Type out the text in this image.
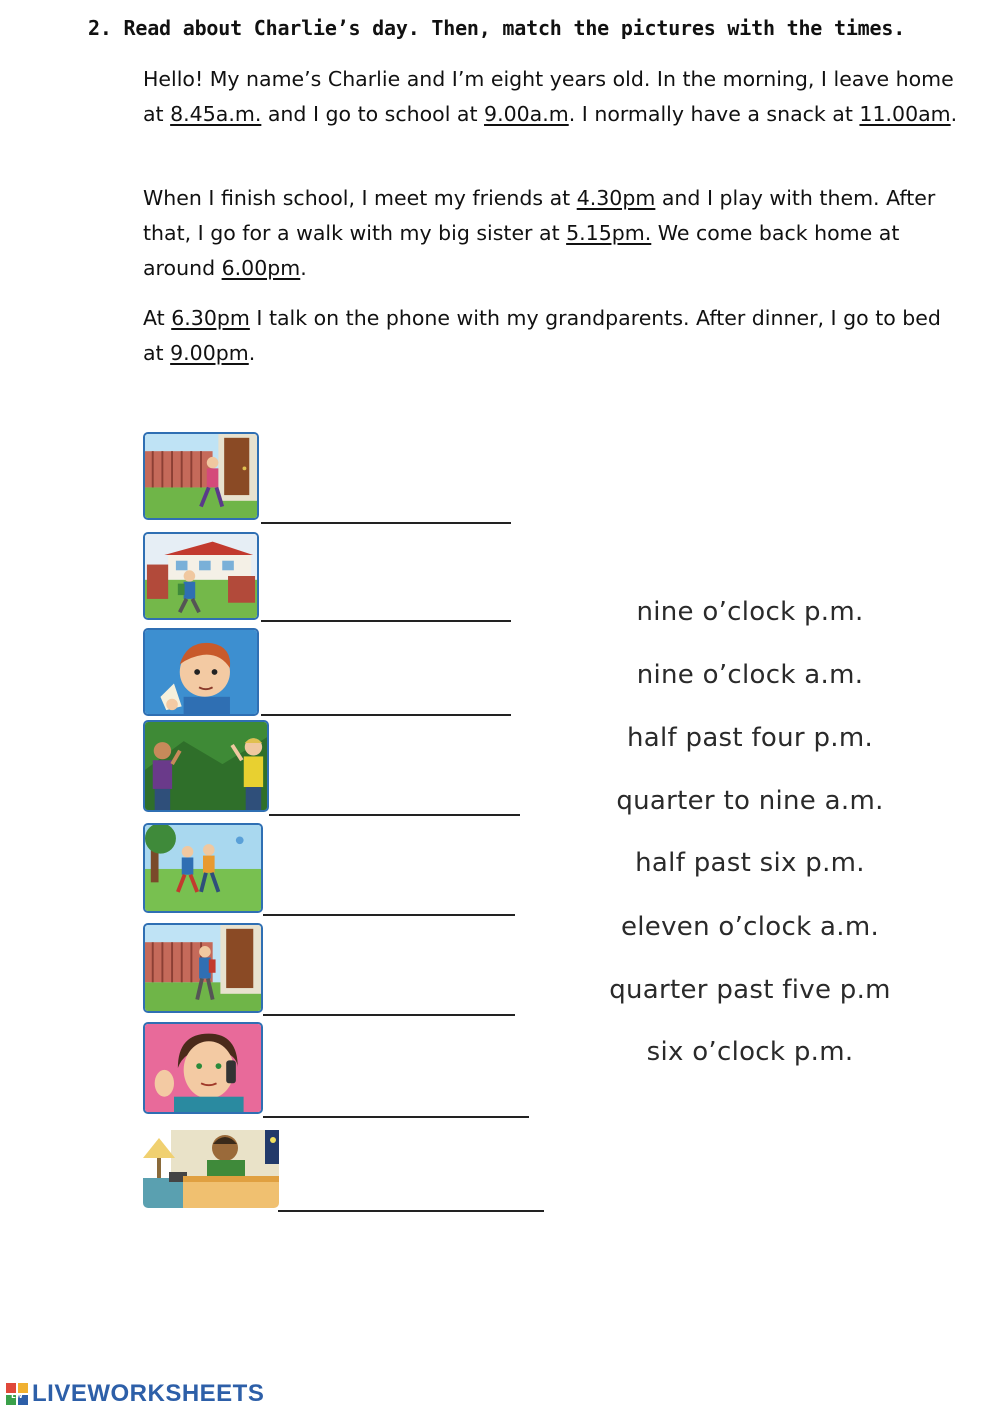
2. Read about Charlie’s day. Then, match the pictures with the times.

Hello! My name’s Charlie and I’m eight years old. In the morning, I leave home at 8.45a.m. and I go to school at 9.00a.m. I normally have a snack at 11.00am.

When I finish school, I meet my friends at 4.30pm and I play with them. After that, I go for a walk with my big sister at 5.15pm. We come back home at around 6.00pm.

At 6.30pm I talk on the phone with my grandparents. After dinner, I go to bed at 9.00pm.

nine o’clock p.m.
nine o’clock a.m.
half past four p.m.
quarter to nine a.m.
half past six p.m.
eleven o’clock a.m.
quarter past five p.m
six o’clock p.m.
LW LIVEWORKSHEETS
